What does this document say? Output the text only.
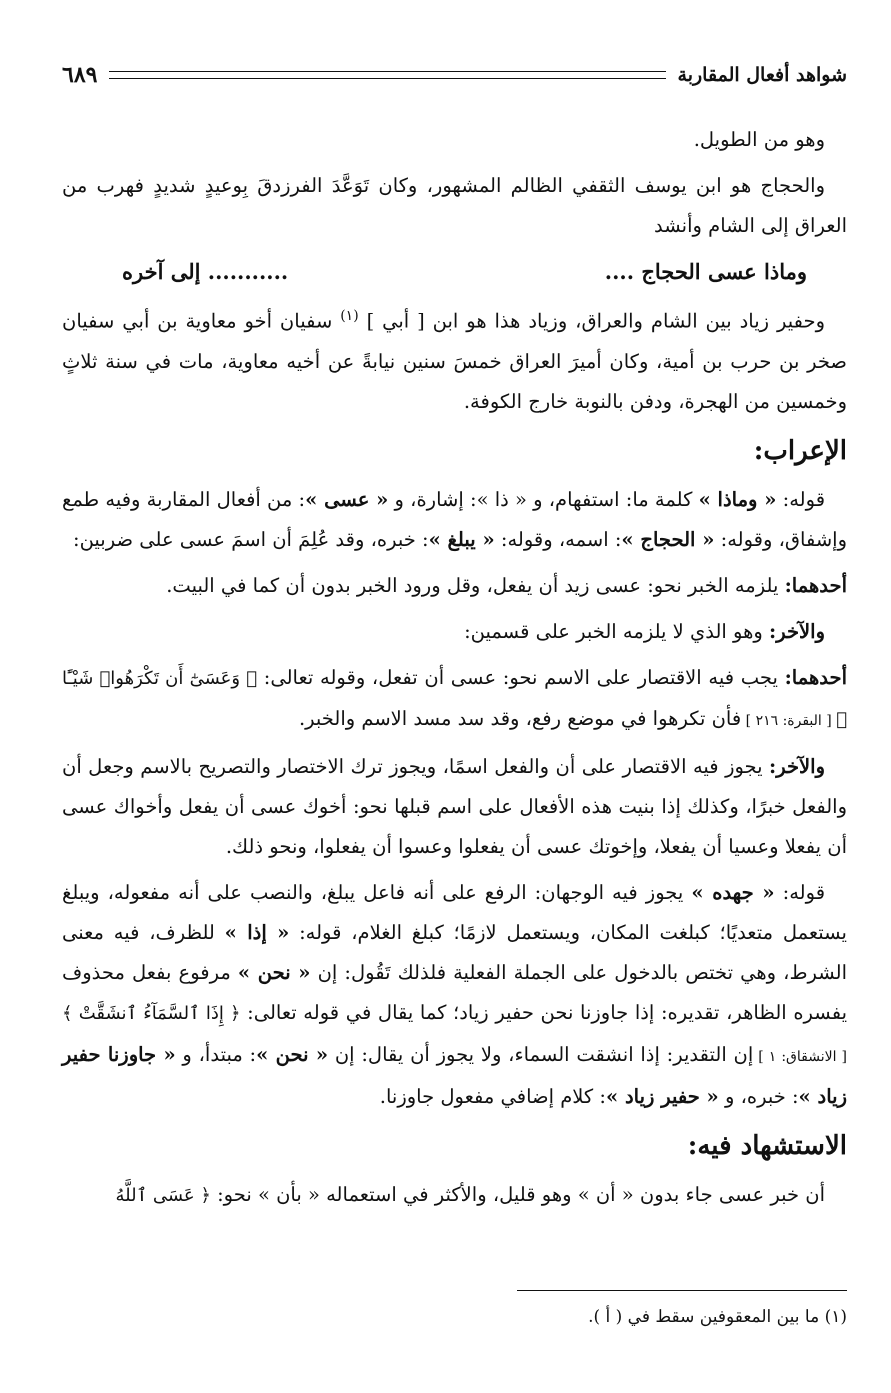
شواهد أفعال المقاربة
٦٨٩

وهو من الطويل.

والحجاج هو ابن يوسف الثقفي الظالم المشهور، وكان تَوَعَّدَ الفرزدقَ بِوعيدٍ شديدٍ فهرب من العراق إلى الشام وأنشد

وماذا عسى الحجاج ....
........... إلى آخره

وحفير زياد بين الشام والعراق، وزياد هذا هو ابن [ أبي ] $^{(١)}$ سفيان أخو معاوية بن أبي سفيان صخر بن حرب بن أمية، وكان أميرَ العراق خمسَ سنين نيابةً عن أخيه معاوية، مات في سنة ثلاثٍ وخمسين من الهجرة، ودفن بالنوبة خارج الكوفة.

الإعراب:

قوله: « وماذا » كلمة ما: استفهام، و « ذا »: إشارة، و « عسى »: من أفعال المقاربة وفيه طمع وإشفاق، وقوله: « الحجاج »: اسمه، وقوله: « يبلغ »: خبره، وقد عُلِمَ أن اسمَ عسى على ضربين:

أحدهما: يلزمه الخبر نحو: عسى زيد أن يفعل، وقل ورود الخبر بدون أن كما في البيت.

والآخر: وهو الذي لا يلزمه الخبر على قسمين:

أحدهما: يجب فيه الاقتصار على الاسم نحو: عسى أن تفعل، وقوله تعالى: ﴿ وَعَسَىٰٓ أَن تَكْرَهُوا۟ شَيْـًٔا ﴾ [ البقرة: ٢١٦ ] فأن تكرهوا في موضع رفع، وقد سد مسد الاسم والخبر.

والآخر: يجوز فيه الاقتصار على أن والفعل اسمًا، ويجوز ترك الاختصار والتصريح بالاسم وجعل أن والفعل خبرًا، وكذلك إذا بنيت هذه الأفعال على اسم قبلها نحو: أخوك عسى أن يفعل وأخواك عسى أن يفعلا وعسيا أن يفعلا، وإخوتك عسى أن يفعلوا وعسوا أن يفعلوا، ونحو ذلك.

قوله: « جهده » يجوز فيه الوجهان: الرفع على أنه فاعل يبلغ، والنصب على أنه مفعوله، ويبلغ يستعمل متعديًا؛ كبلغت المكان، ويستعمل لازمًا؛ كبلغ الغلام، قوله: « إذا » للظرف، فيه معنى الشرط، وهي تختص بالدخول على الجملة الفعلية فلذلك تَقُول: إن « نحن » مرفوع بفعل محذوف يفسره الظاهر، تقديره: إذا جاوزنا نحن حفير زياد؛ كما يقال في قوله تعالى: ﴿ إِذَا ٱلسَّمَآءُ ٱنشَقَّتْ ﴾ [ الانشقاق: ١ ] إن التقدير: إذا انشقت السماء، ولا يجوز أن يقال: إن « نحن »: مبتدأ، و « جاوزنا حفير زياد »: خبره، و « حفير زياد »: كلام إضافي مفعول جاوزنا.

الاستشهاد فيه:

أن خبر عسى جاء بدون « أن » وهو قليل، والأكثر في استعماله « بأن » نحو: ﴿ عَسَى ٱللَّهُ

(١) ما بين المعقوفين سقط في ( أ ).
